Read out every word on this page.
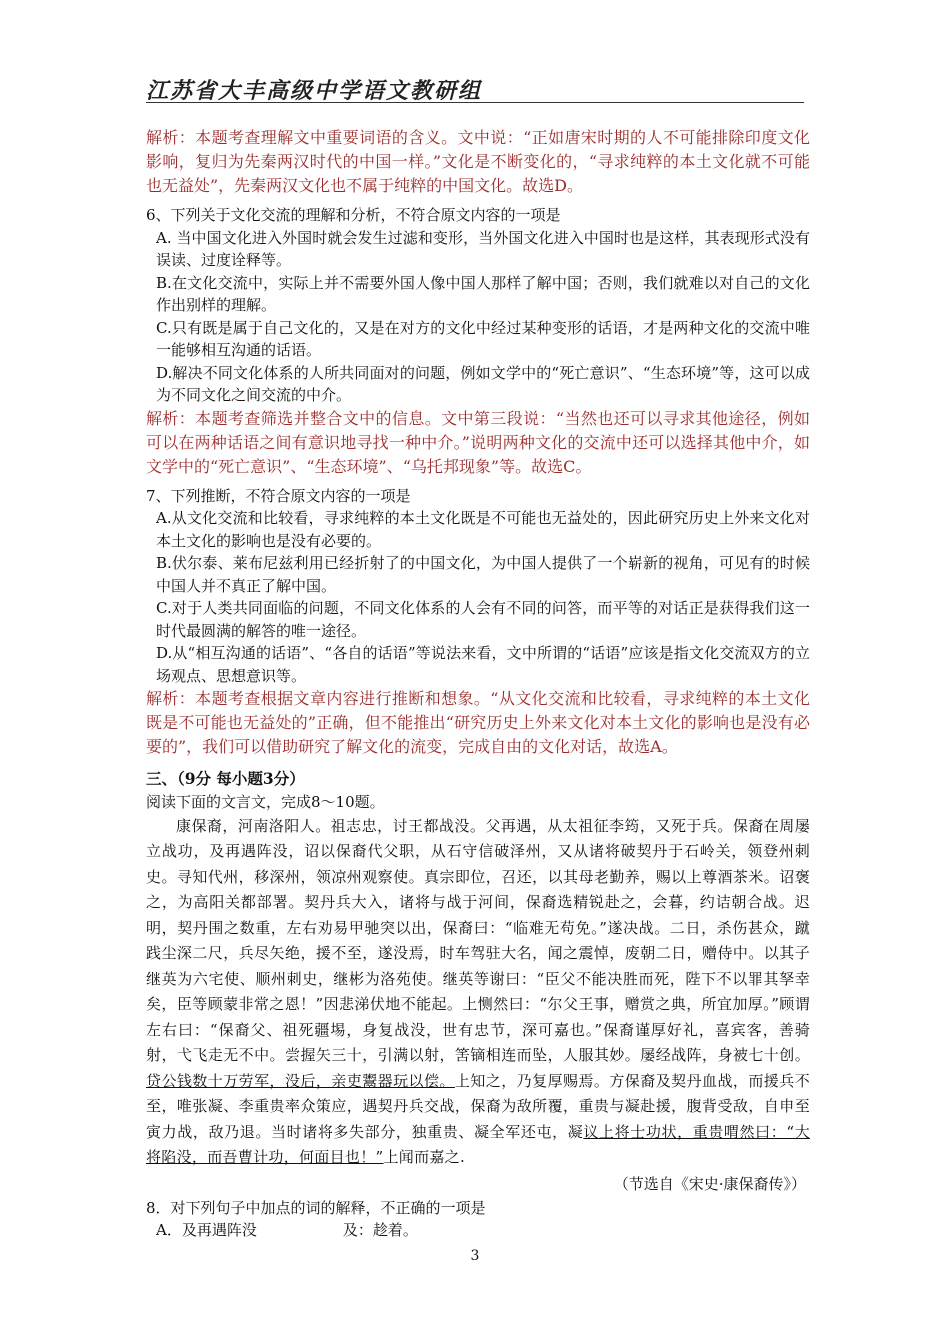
江苏省大丰高级中学语文教研组

解析：本题考查理解文中重要词语的含义。文中说：“正如唐宋时期的人不可能排除印度文化影响，复归为先秦两汉时代的中国一样。”文化是不断变化的，“寻求纯粹的本土文化就不可能也无益处”，先秦两汉文化也不属于纯粹的中国文化。故选D。

6、下列关于文化交流的理解和分析，不符合原文内容的一项是

A. 当中国文化进入外国时就会发生过滤和变形，当外国文化进入中国时也是这样，其表现形式没有误读、过度诠释等。

B.在文化交流中，实际上并不需要外国人像中国人那样了解中国；否则，我们就难以对自己的文化作出别样的理解。

C.只有既是属于自己文化的，又是在对方的文化中经过某种变形的话语，才是两种文化的交流中唯一能够相互沟通的话语。

D.解决不同文化体系的人所共同面对的问题，例如文学中的“死亡意识”、“生态环境”等，这可以成为不同文化之间交流的中介。

解析：本题考查筛选并整合文中的信息。文中第三段说：“当然也还可以寻求其他途径，例如可以在两种话语之间有意识地寻找一种中介。”说明两种文化的交流中还可以选择其他中介，如文学中的“死亡意识”、“生态环境”、“乌托邦现象”等。故选C。

7、下列推断，不符合原文内容的一项是

A.从文化交流和比较看，寻求纯粹的本土文化既是不可能也无益处的，因此研究历史上外来文化对本土文化的影响也是没有必要的。

B.伏尔泰、莱布尼兹利用已经折射了的中国文化，为中国人提供了一个崭新的视角，可见有的时候中国人并不真正了解中国。

C.对于人类共同面临的问题，不同文化体系的人会有不同的问答，而平等的对话正是获得我们这一时代最圆满的解答的唯一途径。

D.从“相互沟通的话语”、“各自的话语”等说法来看，文中所谓的“话语”应该是指文化交流双方的立场观点、思想意识等。

解析：本题考查根据文章内容进行推断和想象。“从文化交流和比较看，寻求纯粹的本土文化既是不可能也无益处的”正确，但不能推出“研究历史上外来文化对本土文化的影响也是没有必要的”，我们可以借助研究了解文化的流变，完成自由的文化对话，故选A。

三、（9分 每小题3分）

阅读下面的文言文，完成8～10题。

康保裔，河南洛阳人。祖志忠，讨王都战没。父再遇，从太祖征李筠，又死于兵。保裔在周屡立战功，及再遇阵没，诏以保裔代父职，从石守信破泽州，又从诸将破契丹于石岭关，领登州刺史。寻知代州，移深州，领凉州观察使。真宗即位，召还，以其母老勤养，赐以上尊酒茶米。诏褒之，为高阳关都部署。契丹兵大入，诸将与战于河间，保裔选精锐赴之，会暮，约诘朝合战。迟明，契丹围之数重，左右劝易甲驰突以出，保裔曰：“临难无苟免。”遂决战。二日，杀伤甚众，蹴践尘深二尺，兵尽矢绝，援不至，遂没焉，时车驾驻大名，闻之震悼，废朝二日，赠侍中。以其子继英为六宅使、顺州刺史，继彬为洛苑使。继英等谢曰：“臣父不能决胜而死，陛下不以罪其孥幸矣，臣等顾蒙非常之恩！”因悲涕伏地不能起。上恻然曰：“尔父王事，赠赏之典，所宜加厚。”顾谓左右曰：“保裔父、祖死疆埸，身复战没，世有忠节，深可嘉也。”保裔谨厚好礼，喜宾客，善骑射，弋飞走无不中。尝握矢三十，引满以射，筈镝相连而坠，人服其妙。屡经战阵，身被七十创。贷公钱数十万劳军，没后，亲吏鬻器玩以偿。上知之，乃复厚赐焉。方保裔及契丹血战，而援兵不至，唯张凝、李重贵率众策应，遇契丹兵交战，保裔为敌所覆，重贵与凝赴援，腹背受敌，自申至寅力战，敌乃退。当时诸将多失部分，独重贵、凝全军还屯，凝议上将士功状，重贵喟然曰：“大将陷没，而吾曹计功，何面目也！”上闻而嘉之.

（节选自《宋史·康保裔传》）

8．对下列句子中加点的词的解释，不正确的一项是

A．及再遇阵没	及：趁着。
3
